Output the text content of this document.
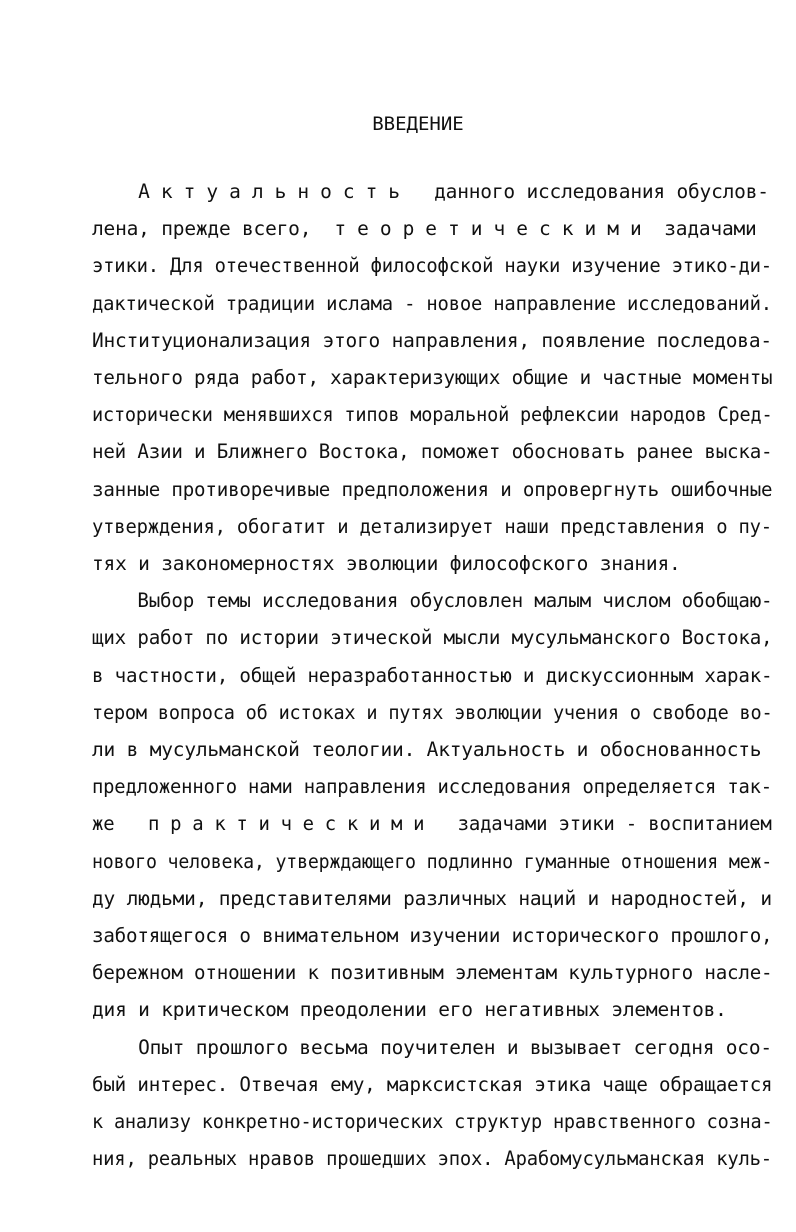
ВВЕДЕНИЕ
Актуальность  данного исследования обуслов-
лена, прежде всего,  теоретическими задачами
этики. Для отечественной философской науки изучение этико-ди-
дактической традиции ислама - новое направление исследований.
Институционализация этого направления, появление последова-
тельного ряда работ, характеризующих общие и частные моменты
исторически менявшихся типов моральной рефлексии народов Сред-
ней Азии и Ближнего Востока, поможет обосновать ранее выска-
занные противоречивые предположения и опровергнуть ошибочные
утверждения, обогатит и детализирует наши представления о пу-
тях и закономерностях эволюции философского знания.
Выбор темы исследования обусловлен малым числом обобщаю-
щих работ по истории этической мысли мусульманского Востока,
в частности, общей неразработанностью и дискуссионным харак-
тером вопроса об истоках и путях эволюции учения о свободе во-
ли в мусульманской теологии. Актуальность и обоснованность
предложенного нами направления исследования определяется так-
же   практическими  задачами этики - воспитанием
нового человека, утверждающего подлинно гуманные отношения меж-
ду людьми, представителями различных наций и народностей, и
заботящегося о внимательном изучении исторического прошлого,
бережном отношении к позитивным элементам культурного насле-
дия и критическом преодолении его негативных элементов.
Опыт прошлого весьма поучителен и вызывает сегодня осо-
бый интерес. Отвечая ему, марксистская этика чаще обращается
к анализу конкретно-исторических структур нравственного созна-
ния, реальных нравов прошедших эпох. Арабомусульманская куль-
